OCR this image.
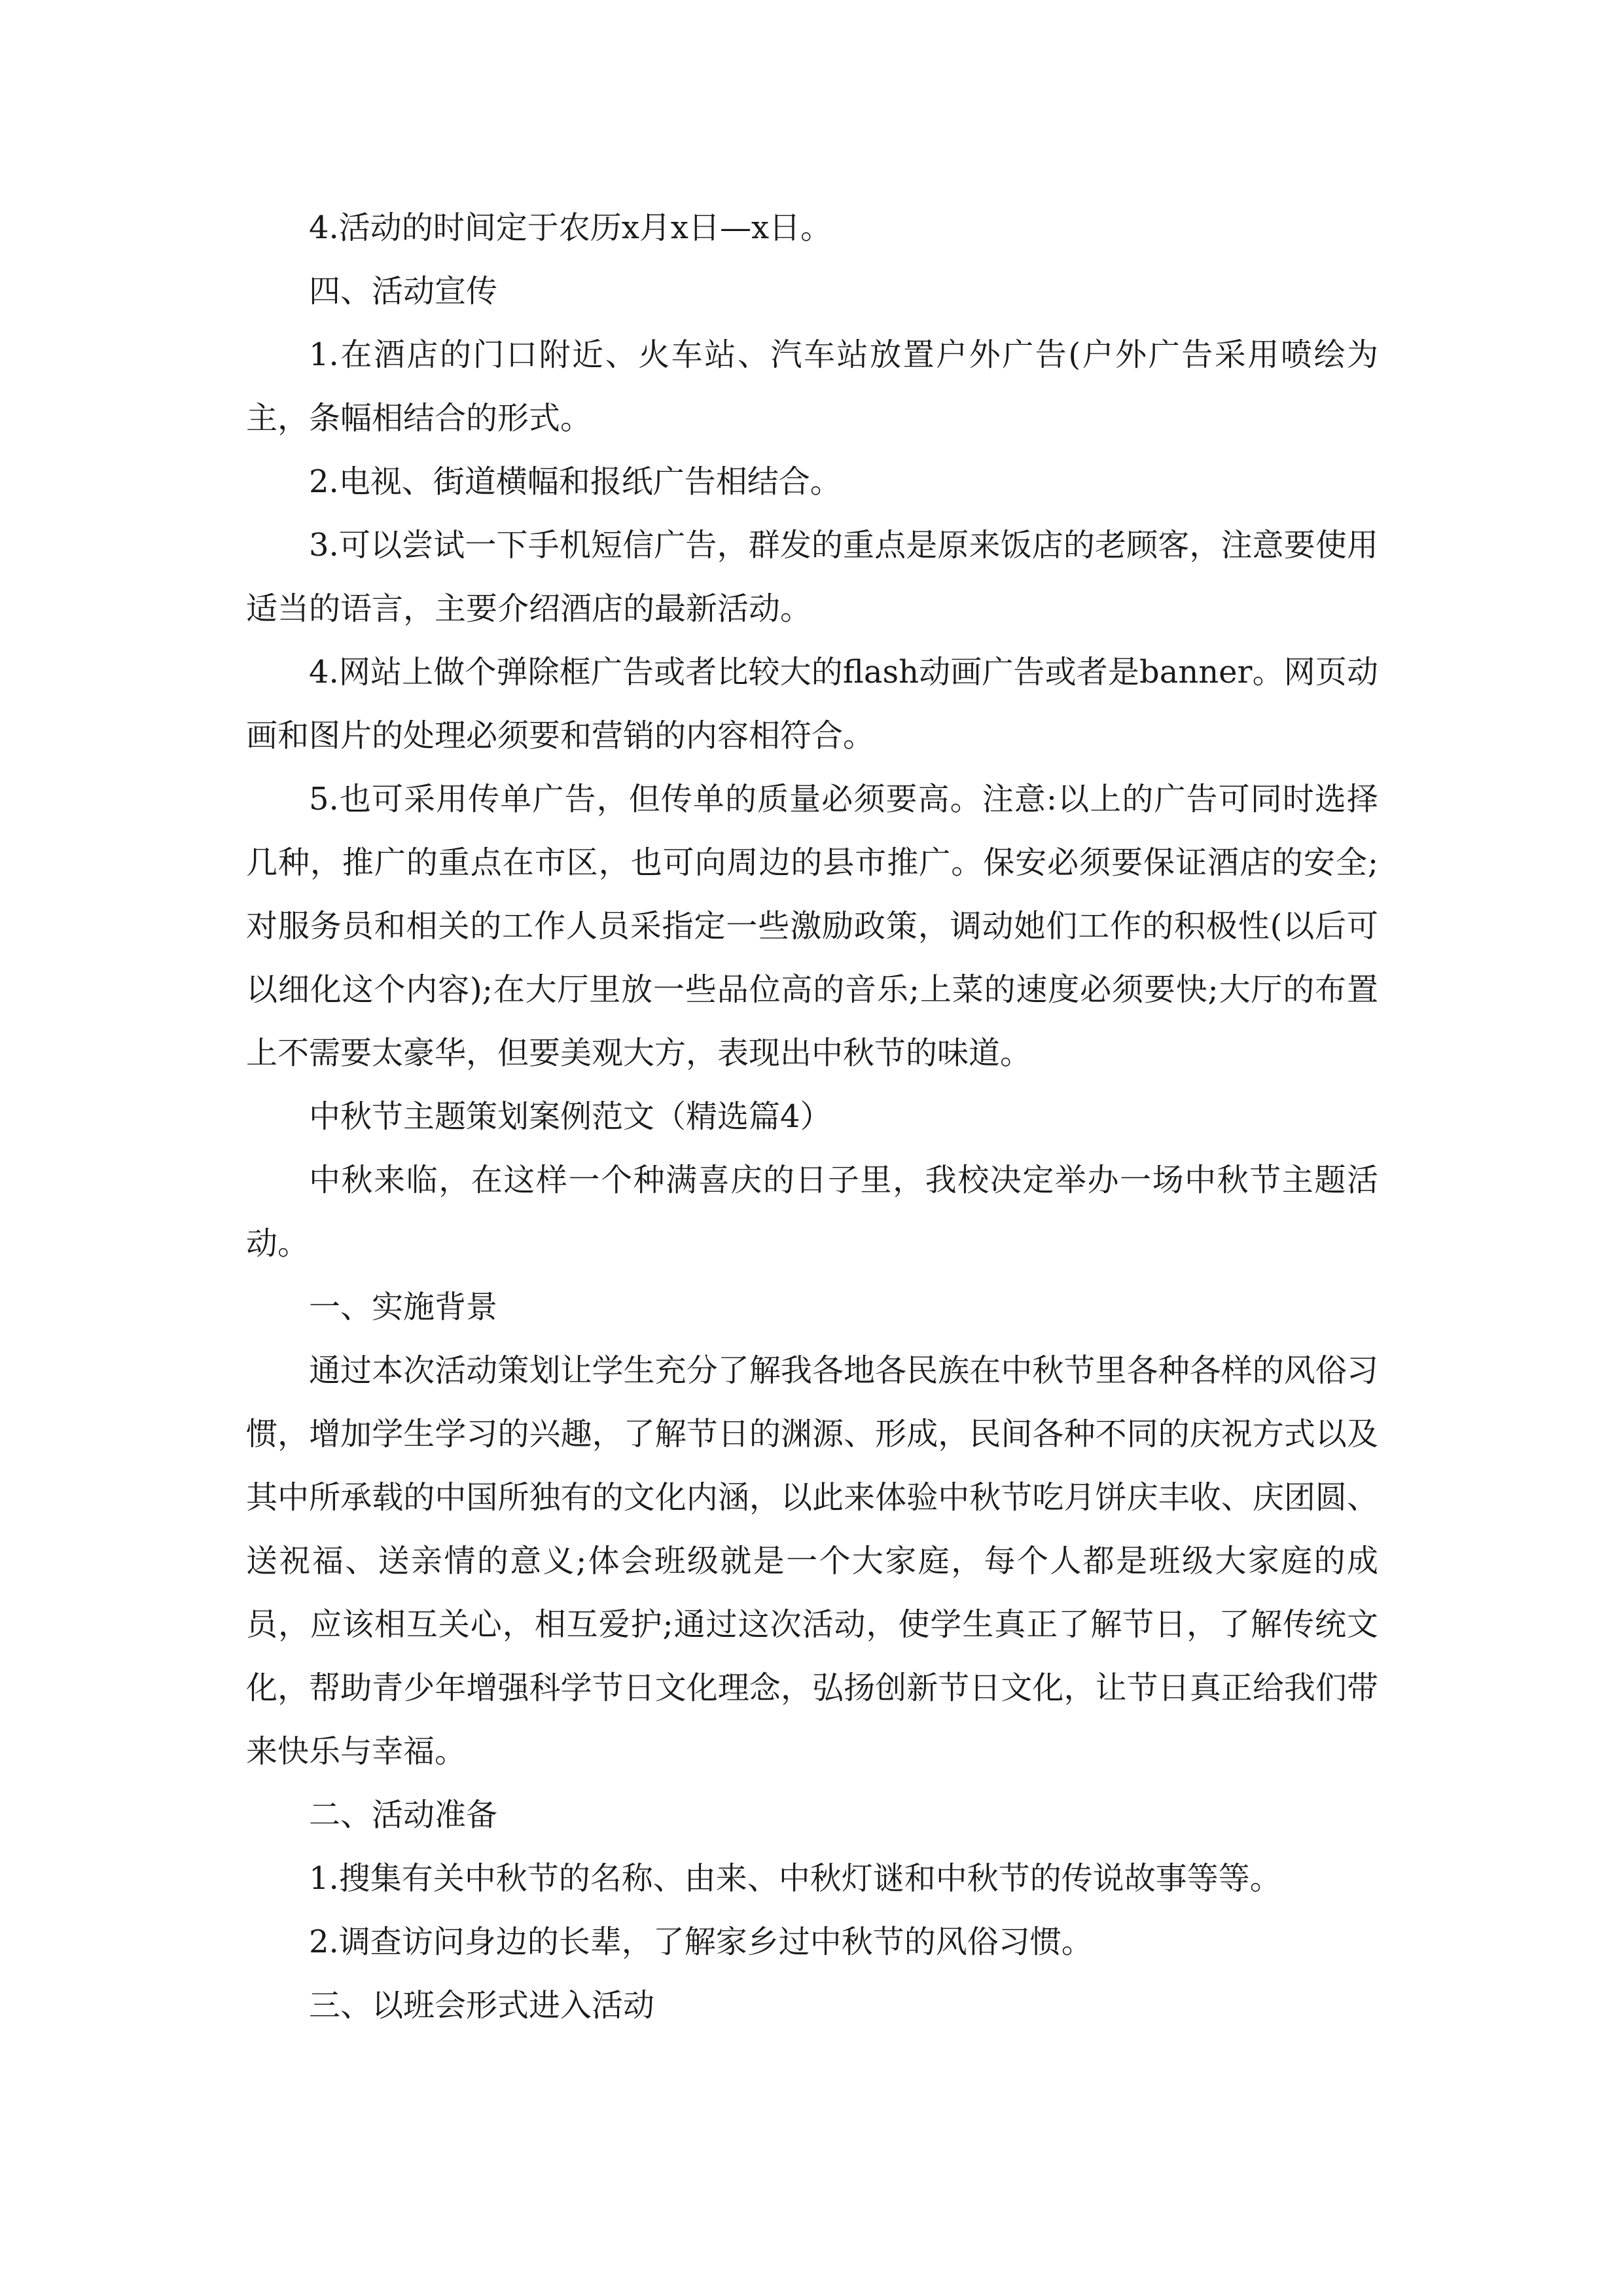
4.活动的时间定于农历x月x日—x日。

四、活动宣传

1.在酒店的门口附近、火车站、汽车站放置户外广告(户外广告采用喷绘为主，条幅相结合的形式。

2.电视、街道横幅和报纸广告相结合。

3.可以尝试一下手机短信广告，群发的重点是原来饭店的老顾客，注意要使用适当的语言，主要介绍酒店的最新活动。

4.网站上做个弹除框广告或者比较大的flash动画广告或者是banner。网页动画和图片的处理必须要和营销的内容相符合。

5.也可采用传单广告，但传单的质量必须要高。注意:以上的广告可同时选择几种，推广的重点在市区，也可向周边的县市推广。保安必须要保证酒店的安全;对服务员和相关的工作人员采指定一些激励政策，调动她们工作的积极性(以后可以细化这个内容);在大厅里放一些品位高的音乐;上菜的速度必须要快;大厅的布置上不需要太豪华，但要美观大方，表现出中秋节的味道。

中秋节主题策划案例范文（精选篇4）

中秋来临，在这样一个种满喜庆的日子里，我校决定举办一场中秋节主题活动。

一、实施背景

通过本次活动策划让学生充分了解我各地各民族在中秋节里各种各样的风俗习惯，增加学生学习的兴趣，了解节日的渊源、形成，民间各种不同的庆祝方式以及其中所承载的中国所独有的文化内涵，以此来体验中秋节吃月饼庆丰收、庆团圆、送祝福、送亲情的意义;体会班级就是一个大家庭，每个人都是班级大家庭的成员，应该相互关心，相互爱护;通过这次活动，使学生真正了解节日，了解传统文化，帮助青少年增强科学节日文化理念，弘扬创新节日文化，让节日真正给我们带来快乐与幸福。

二、活动准备

1.搜集有关中秋节的名称、由来、中秋灯谜和中秋节的传说故事等等。

2.调查访问身边的长辈，了解家乡过中秋节的风俗习惯。

三、以班会形式进入活动
